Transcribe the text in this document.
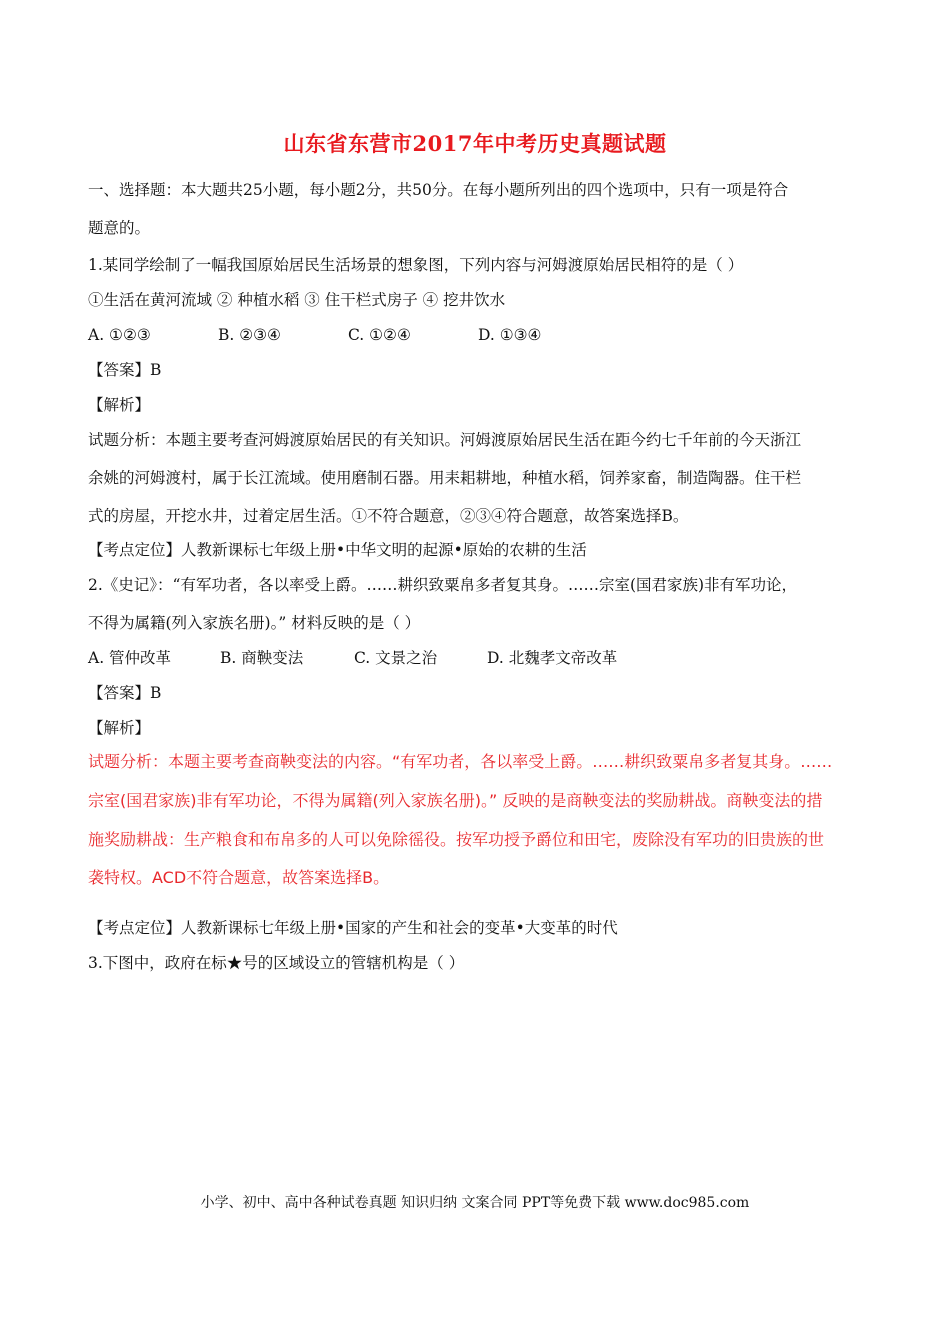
山东省东营市2017年中考历史真题试题
一、选择题：本大题共25小题，每小题2分，共50分。在每小题所列出的四个选项中，只有一项是符合
题意的。
1.某同学绘制了一幅我国原始居民生活场景的想象图，下列内容与河姆渡原始居民相符的是（ ）
①生活在黄河流域 ② 种植水稻 ③ 住干栏式房子 ④ 挖井饮水
A. ①②③	B. ②③④	C. ①②④	D. ①③④
【答案】B
【解析】
试题分析：本题主要考查河姆渡原始居民的有关知识。河姆渡原始居民生活在距今约七千年前的今天浙江
余姚的河姆渡村，属于长江流域。使用磨制石器。用耒耜耕地，种植水稻，饲养家畜，制造陶器。住干栏
式的房屋，开挖水井，过着定居生活。①不符合题意，②③④符合题意，故答案选择B。
【考点定位】人教新课标七年级上册•中华文明的起源•原始的农耕的生活
2.《史记》：“有军功者，各以率受上爵。……耕织致粟帛多者复其身。……宗室(国君家族)非有军功论，
不得为属籍(列入家族名册)。” 材料反映的是（ ）
A. 管仲改革	B. 商鞅变法	C. 文景之治	D. 北魏孝文帝改革
【答案】B
【解析】
试题分析：本题主要考查商鞅变法的内容。“有军功者，各以率受上爵。……耕织致粟帛多者复其身。……
宗室(国君家族)非有军功论，不得为属籍(列入家族名册)。” 反映的是商鞅变法的奖励耕战。商鞅变法的措
施奖励耕战：生产粮食和布帛多的人可以免除徭役。按军功授予爵位和田宅，废除没有军功的旧贵族的世
袭特权。ACD不符合题意，故答案选择B。
【考点定位】人教新课标七年级上册•国家的产生和社会的变革•大变革的时代
3.下图中，政府在标★号的区域设立的管辖机构是（ ）
小学、初中、高中各种试卷真题 知识归纳 文案合同 PPT等免费下载 www.doc985.com
